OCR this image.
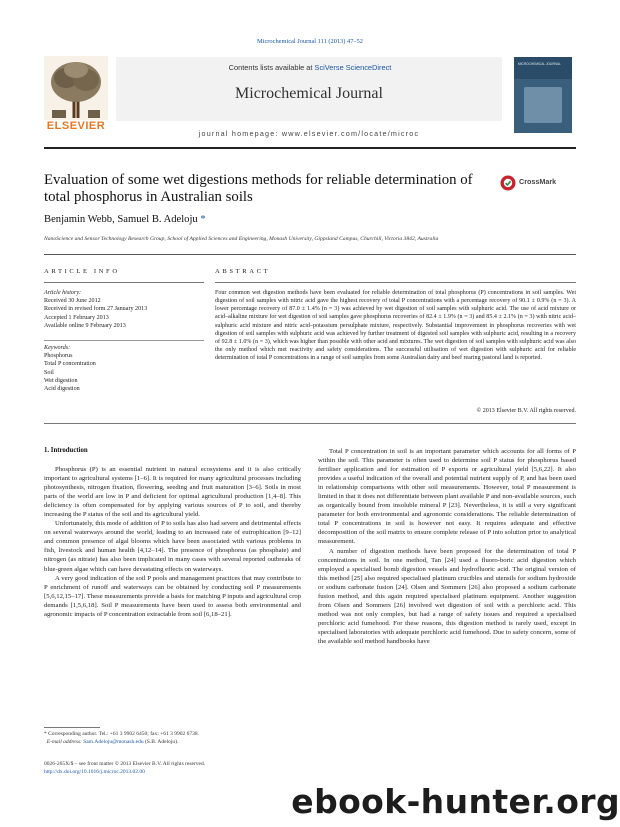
Microchemical Journal 111 (2013) 47–52
Contents lists available at SciVerse ScienceDirect
Microchemical Journal
journal homepage: www.elsevier.com/locate/microc
ELSEVIER
MICROCHEMICAL JOURNAL
Evaluation of some wet digestions methods for reliable determination of total phosphorus in Australian soils
CrossMark
Benjamin Webb, Samuel B. Adeloju *
NanoScience and Sensor Technology Research Group, School of Applied Sciences and Engineering, Monash University, Gippsland Campus, Churchill, Victoria 3842, Australia
ARTICLE INFO	ABSTRACT
Article history:
Received 30 June 2012
Received in revised form 27 January 2013
Accepted 1 February 2013
Available online 9 February 2013
Keywords:
Phosphorus
Total P concentration
Soil
Wet digestion
Acid digestion
Four common wet digestion methods have been evaluated for reliable determination of total phosphorus (P) concentrations in soil samples. Wet digestion of soil samples with nitric acid gave the highest recovery of total P concentrations with a percentage recovery of 90.1 ± 0.9% (n = 3). A lower percentage recovery of 87.0 ± 1.4% (n = 3) was achieved by wet digestion of soil samples with sulphuric acid. The use of acid mixture or acid–alkaline mixture for wet digestion of soil samples gave phosphorus recoveries of 82.4 ± 1.9% (n = 3) and 85.4 ± 2.1% (n = 3) with nitric acid–sulphuric acid mixture and nitric acid–potassium persulphate mixture, respectively. Substantial improvement in phosphorus recoveries with wet digestion of soil samples with sulphuric acid was achieved by further treatment of digested soil samples with sulphuric acid, resulting in a recovery of 92.8 ± 1.0% (n = 3), which was higher than possible with other acid and mixtures. The wet digestion of soil samples with sulphuric acid was also the only method which met reactivity and safety considerations. The successful utilisation of wet digestion with sulphuric acid for reliable determination of total P concentrations in a range of soil samples from some Australian dairy and beef rearing pastoral land is reported.
© 2013 Elsevier B.V. All rights reserved.
1. Introduction

Phosphorus (P) is an essential nutrient in natural ecosystems and it is also critically important to agricultural systems [1–6]. It is required for many agricultural processes including photosynthesis, nitrogen fixation, flowering, seeding and fruit maturation [3–6]. Soils in most parts of the world are low in P and deficient for optimal agricultural production [1,4–8]. This deficiency is often compensated for by applying various sources of P to soil, and thereby increasing the P status of the soil and its agricultural yield.

Unfortunately, this mode of addition of P to soils has also had severe and detrimental effects on several waterways around the world, leading to an increased rate of eutrophication [9–12] and common presence of algal blooms which have been associated with various problems in fish, livestock and human health [4,12–14]. The presence of phosphorus (as phosphate) and nitrogen (as nitrate) has also been implicated in many cases with several reported outbreaks of blue-green algae which can have devastating effects on waterways.

A very good indication of the soil P pools and management practices that may contribute to P enrichment of runoff and waterways can be obtained by conducting soil P measurements [5,6,12,15–17]. These measurements provide a basis for matching P inputs and agricultural crop demands [1,5,6,18]. Soil P measurements have been used to assess both environmental and agronomic impacts of P concentration extractable from soil [6,18–21].

Total P concentration in soil is an important parameter which accounts for all forms of P within the soil. This parameter is often used to determine soil P status for phosphorus based fertiliser application and for estimation of P exports or agricultural yield [5,6,22]. It also provides a useful indication of the overall and potential nutrient supply of P, and has been used in relationship comparisons with other soil measurements. However, total P measurement is limited in that it does not differentiate between plant available P and non-available sources, such as organically bound from insoluble mineral P [23]. Nevertheless, it is still a very significant parameter for both environmental and agronomic considerations. The reliable determination of total P concentrations in soil is however not easy. It requires adequate and effective decomposition of the soil matrix to ensure complete release of P into solution prior to analytical measurement.

A number of digestion methods have been proposed for the determination of total P concentrations in soil. In one method, Tan [24] used a fluoro-boric acid digestion which employed a specialised bomb digestion vessels and hydrofluoric acid. The original version of this method [25] also required specialised platinum crucibles and utensils for sodium hydroxide or sodium carbonate fusion [24]. Olsen and Sommers [26] also proposed a sodium carbonate fusion method, and this again required specialised platinum equipment. Another suggestion from Olsen and Sommers [26] involved wet digestion of soil with a perchloric acid. This method was not only complex, but had a range of safety issues and required a specialised perchloric acid fumehood. For these reasons, this digestion method is rarely used, except in specialised laboratories with adequate perchloric acid fumehood. Due to safety concern, some of the available soil method handbooks have

* Corresponding author. Tel.: +61 3 9902 6450; fax: +61 3 9902 6738.
E-mail address: Sam.Adeloju@monash.edu (S.B. Adeloju).
0026-265X/$ – see front matter © 2013 Elsevier B.V. All rights reserved.
http://dx.doi.org/10.1016/j.microc.2013.02.00
ebook-hunter.org
